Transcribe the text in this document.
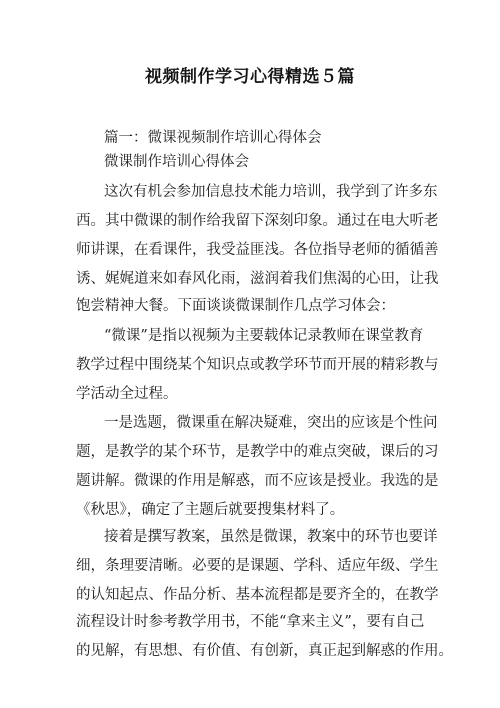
视频制作学习心得精选５篇
篇一：微课视频制作培训心得体会
微课制作培训心得体会
这次有机会参加信息技术能力培训，我学到了许多东
西。其中微课的制作给我留下深刻印象。通过在电大听老
师讲课，在看课件，我受益匪浅。各位指导老师的循循善
诱、娓娓道来如春风化雨，滋润着我们焦渴的心田，让我
饱尝精神大餐。下面谈谈微课制作几点学习体会：
“微课”是指以视频为主要载体记录教师在课堂教育
教学过程中围绕某个知识点或教学环节而开展的精彩教与
学活动全过程。
一是选题，微课重在解决疑难，突出的应该是个性问
题，是教学的某个环节，是教学中的难点突破，课后的习
题讲解。微课的作用是解惑，而不应该是授业。我选的是
《秋思》，确定了主题后就要搜集材料了。
接着是撰写教案，虽然是微课，教案中的环节也要详
细，条理要清晰。必要的是课题、学科、适应年级、学生
的认知起点、作品分析、基本流程都是要齐全的，在教学
流程设计时参考教学用书，不能“拿来主义”，要有自己
的见解，有思想、有价值、有创新，真正起到解惑的作用。
